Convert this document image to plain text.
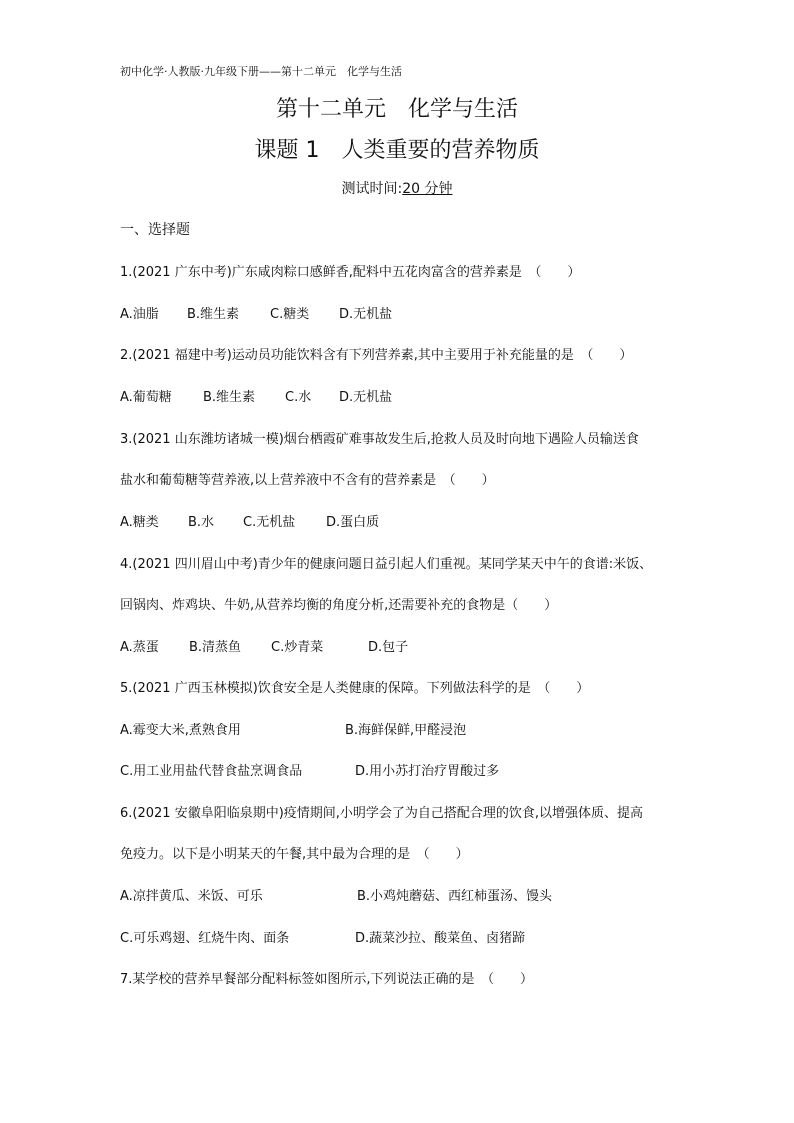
初中化学·人教版·九年级下册——第十二单元　化学与生活
第十二单元　化学与生活
课题 1　人类重要的营养物质
测试时间:20 分钟
一、选择题
1.(2021 广东中考)广东咸肉粽口感鲜香,配料中五花肉富含的营养素是　（　　）
A.油脂 B.维生素 C.糖类 D.无机盐
2.(2021 福建中考)运动员功能饮料含有下列营养素,其中主要用于补充能量的是　（　　）
A.葡萄糖 B.维生素 C.水 D.无机盐
3.(2021 山东潍坊诸城一模)烟台栖霞矿难事故发生后,抢救人员及时向地下遇险人员输送食
盐水和葡萄糖等营养液,以上营养液中不含有的营养素是　（　　）
A.糖类 B.水 C.无机盐 D.蛋白质
4.(2021 四川眉山中考)青少年的健康问题日益引起人们重视。某同学某天中午的食谱:米饭、
回锅肉、炸鸡块、牛奶,从营养均衡的角度分析,还需要补充的食物是（　　）
A.蒸蛋 B.清蒸鱼 C.炒青菜	D.包子
5.(2021 广西玉林模拟)饮食安全是人类健康的保障。下列做法科学的是　（　　）
A.霉变大米,煮熟食用	B.海鲜保鲜,甲醛浸泡
C.用工业用盐代替食盐烹调食品	D.用小苏打治疗胃酸过多
6.(2021 安徽阜阳临泉期中)疫情期间,小明学会了为自己搭配合理的饮食,以增强体质、提高
免疫力。以下是小明某天的午餐,其中最为合理的是　（　　）
A.凉拌黄瓜、米饭、可乐	B.小鸡炖蘑菇、西红柿蛋汤、馒头
C.可乐鸡翅、红烧牛肉、面条	D.蔬菜沙拉、酸菜鱼、卤猪蹄
7.某学校的营养早餐部分配料标签如图所示,下列说法正确的是　（　　）
